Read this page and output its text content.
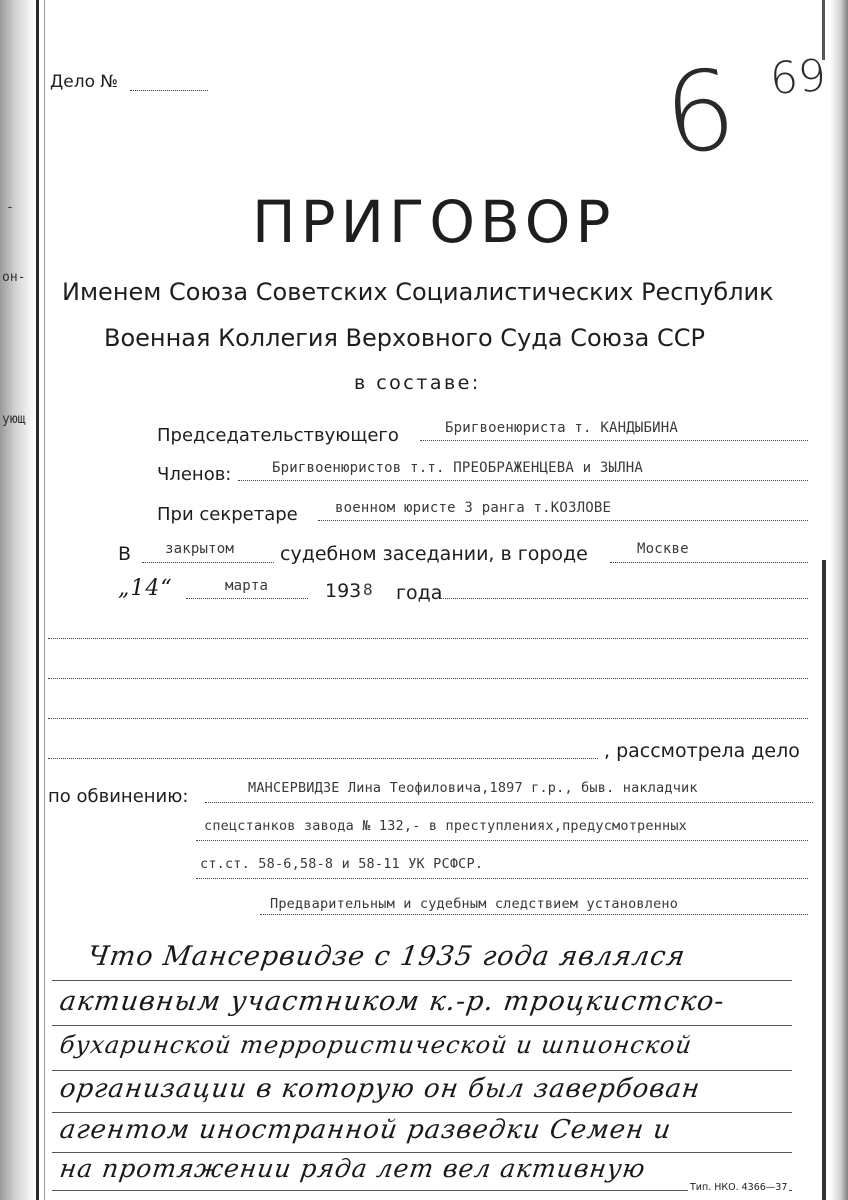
он-
ующ
-
Дело №	6 69
ПРИГОВОР
Именем Союза Советских Социалистических Республик
Военная Коллегия Верховного Суда Союза ССР
в составе:
Председательствующего	Бригвоенюриста т. КАНДЫБИНА
Членов:	Бригвоенюристов т.т. ПРЕОБРАЖЕНЦЕВА и ЗЫЛНА
При секретаре	военном юристе 3 ранга т.КОЗЛОВЕ
В закрытом судебном заседании, в городе	Москве
„14“	марта	193 8 года
, рассмотрела дело
по обвинению:	МАНСЕРВИДЗЕ Лина Теофиловича,1897 г.р., быв. накладчик
спецстанков завода № 132,- в преступлениях,предусмотренных
ст.ст. 58-6,58-8 и 58-11 УК РСФСР.
Предварительным и судебным следствием установлено
Что Мансервидзе с 1935 года являлся
активным участником к.-р. троцкистско-
бухаринской террористической и шпионской
организации в которую он был завербован
агентом иностранной разведки Семен и
на протяжении ряда лет вел активную
Тип. НКО. 4366—37
